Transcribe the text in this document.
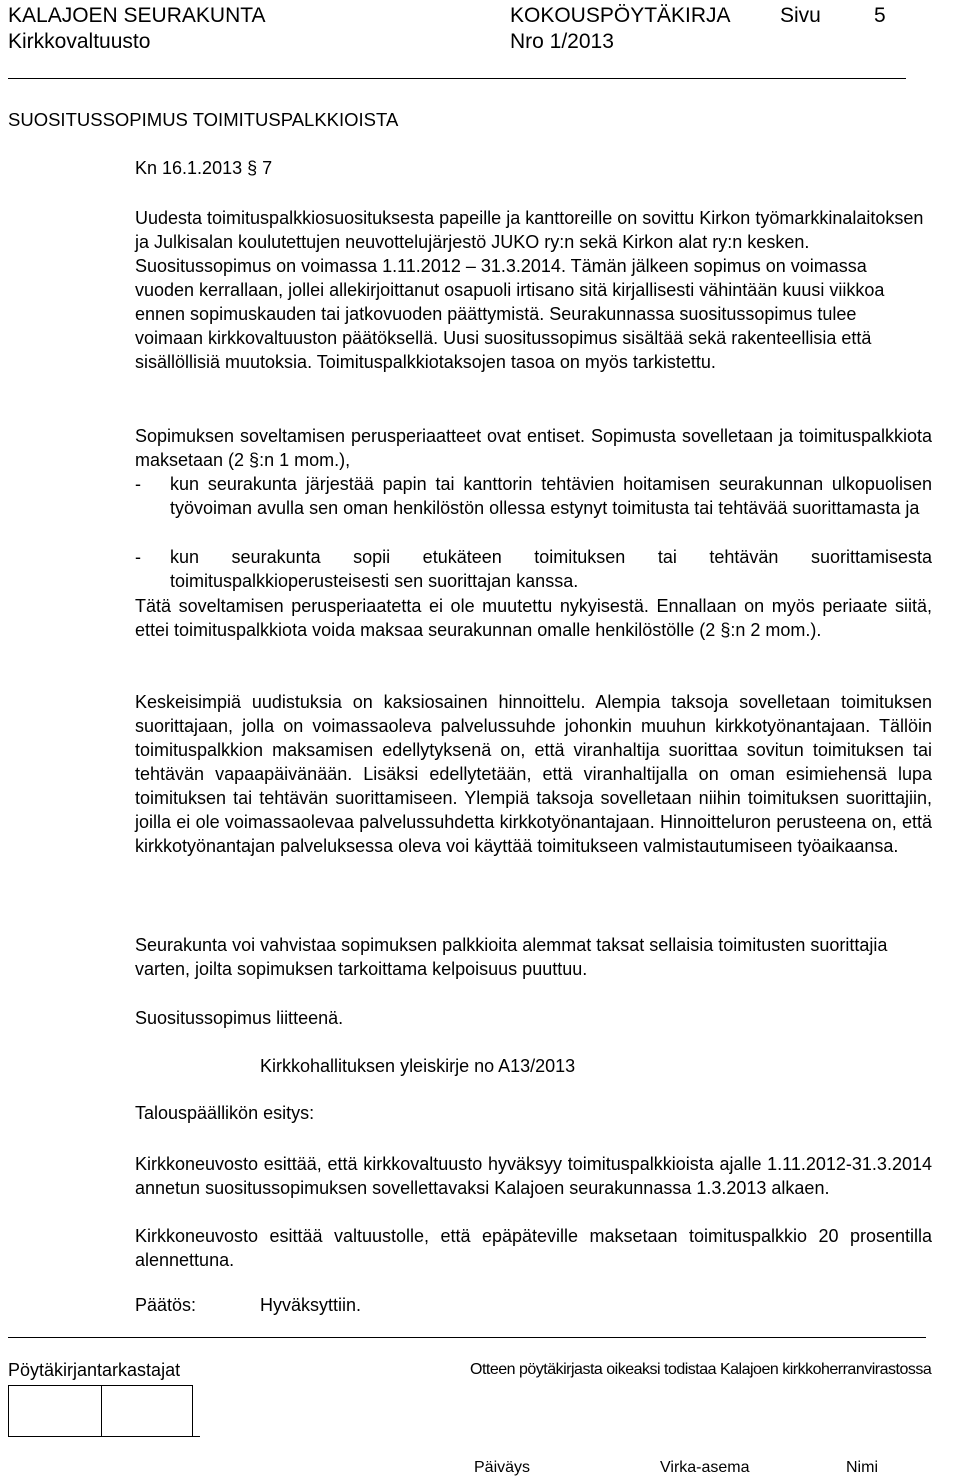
KALAJOEN SEURAKUNTA
Kirkkovaltuusto
KOKOUSPÖYTÄKIRJA
Nro 1/2013
Sivu	5
SUOSITUSSOPIMUS TOIMITUSPALKKIOISTA
Kn 16.1.2013 § 7
Uudesta toimituspalkkiosuosituksesta papeille ja kanttoreille on sovittu Kirkon työmarkkinalaitoksen ja Julkisalan koulutettujen neuvottelujärjestö JUKO ry:n sekä Kirkon alat ry:n kesken. Suositussopimus on voimassa 1.11.2012 – 31.3.2014. Tämän jälkeen sopimus on voimassa vuoden kerrallaan, jollei allekirjoittanut osapuoli irtisano sitä kirjallisesti vähintään kuusi viikkoa ennen sopimuskauden tai jatkovuoden päättymistä. Seurakunnassa suositussopimus tulee voimaan kirkkovaltuuston päätöksellä. Uusi suositussopimus sisältää sekä rakenteellisia että sisällöllisiä muutoksia. Toimituspalkkiotaksojen tasoa on myös tarkistettu.
Sopimuksen soveltamisen perusperiaatteet ovat entiset. Sopimusta sovelletaan ja toimituspalkkiota maksetaan (2 §:n 1 mom.),
- kun seurakunta järjestää papin tai kanttorin tehtävien hoitamisen seurakunnan ulkopuolisen työvoiman avulla sen oman henkilöstön ollessa estynyt toimitusta tai tehtävää suorittamasta ja
- kun seurakunta sopii etukäteen toimituksen tai tehtävän suorittamisesta toimituspalkkioperusteisesti sen suorittajan kanssa.
Tätä soveltamisen perusperiaatetta ei ole muutettu nykyisestä. Ennallaan on myös periaate siitä, ettei toimituspalkkiota voida maksaa seurakunnan omalle henkilöstölle (2 §:n 2 mom.).
Keskeisimpiä uudistuksia on kaksiosainen hinnoittelu. Alempia taksoja sovelletaan toimituksen suorittajaan, jolla on voimassaoleva palvelussuhde johonkin muuhun kirkkotyönantajaan. Tällöin toimituspalkkion maksamisen edellytyksenä on, että viranhaltija suorittaa sovitun toimituksen tai tehtävän vapaapäivänään. Lisäksi edellytetään, että viranhaltijalla on oman esimiehensä lupa toimituksen tai tehtävän suorittamiseen. Ylempiä taksoja sovelletaan niihin toimituksen suorittajiin, joilla ei ole voimassaolevaa palvelussuhdetta kirkkotyönantajaan. Hinnoitteluron perusteena on, että kirkkotyönantajan palveluksessa oleva voi käyttää toimitukseen valmistautumiseen työaikaansa.
Seurakunta voi vahvistaa sopimuksen palkkioita alemmat taksat sellaisia toimitusten suorittajia varten, joilta sopimuksen tarkoittama kelpoisuus puuttuu.
Suositussopimus liitteenä.
Kirkkohallituksen yleiskirje no A13/2013
Talouspäällikön esitys:
Kirkkoneuvosto esittää, että kirkkovaltuusto hyväksyy toimituspalkkioista ajalle 1.11.2012-31.3.2014 annetun suositussopimuksen sovellettavaksi Kalajoen seurakunnassa 1.3.2013 alkaen.
Kirkkoneuvosto esittää valtuustolle, että epäpäteville maksetaan toimituspalkkio 20 prosentilla alennettuna.
Päätös:	Hyväksyttiin.
Pöytäkirjantarkastajat	Otteen pöytäkirjasta oikeaksi todistaa Kalajoen kirkkoherranvirastossa
Päiväys	Virka-asema	Nimi
